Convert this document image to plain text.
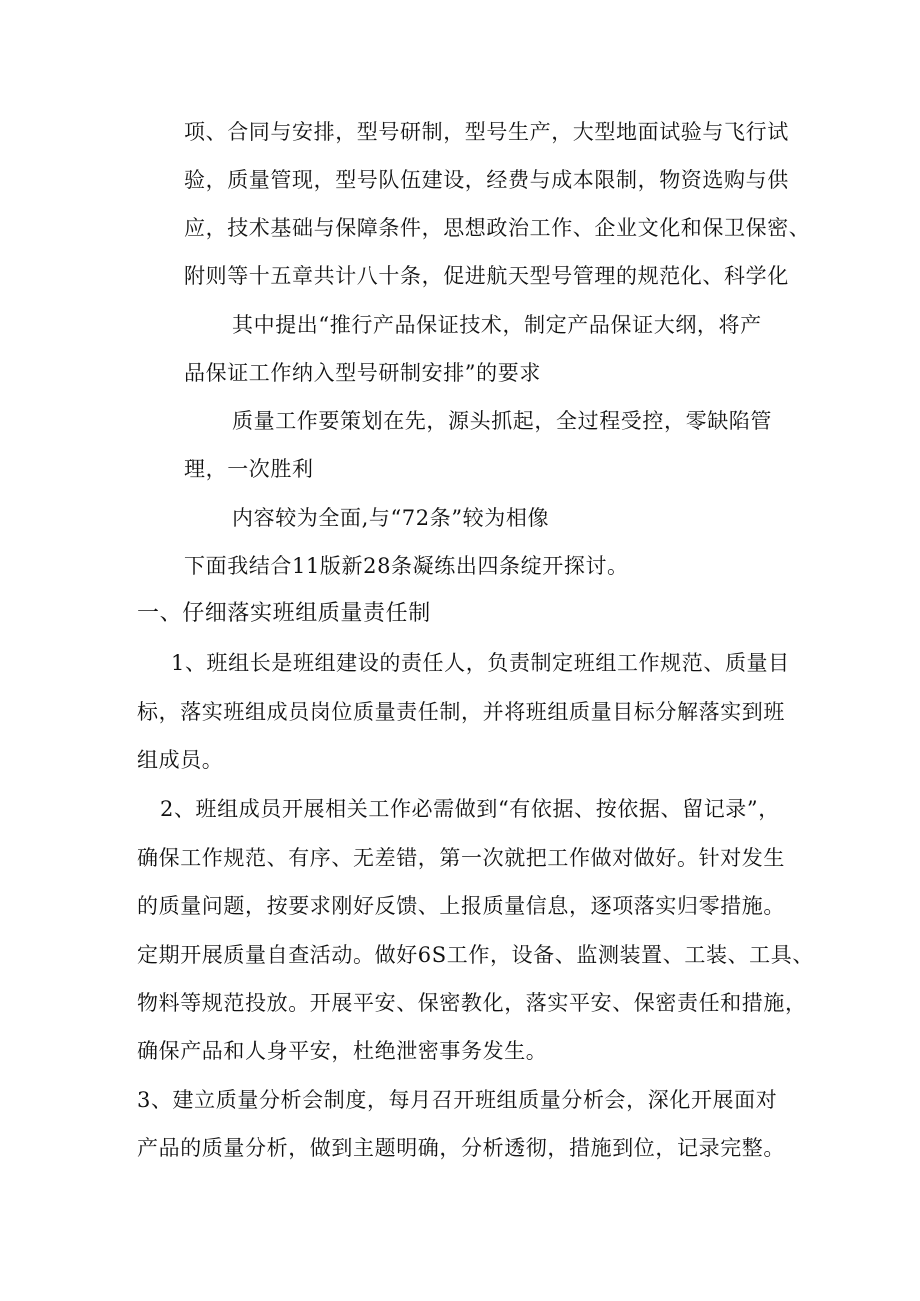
项、合同与安排，型号研制，型号生产，大型地面试验与飞行试
验，质量管现，型号队伍建设，经费与成本限制，物资选购与供
应，技术基础与保障条件，思想政治工作、企业文化和保卫保密、
附则等十五章共计八十条，促进航天型号管理的规范化、科学化
其中提出“推行产品保证技术，制定产品保证大纲，将产
品保证工作纳入型号研制安排”的要求
质量工作要策划在先，源头抓起，全过程受控，零缺陷管
理，一次胜利
内容较为全面,与“72条”较为相像
下面我结合11版新28条凝练出四条绽开探讨。
一、仔细落实班组质量责任制
1、班组长是班组建设的责任人，负责制定班组工作规范、质量目
标，落实班组成员岗位质量责任制，并将班组质量目标分解落实到班
组成员。
2、班组成员开展相关工作必需做到“有依据、按依据、留记录”，
确保工作规范、有序、无差错，第一次就把工作做对做好。针对发生
的质量问题，按要求刚好反馈、上报质量信息，逐项落实归零措施。
定期开展质量自查活动。做好6S工作，设备、监测装置、工装、工具、
物料等规范投放。开展平安、保密教化，落实平安、保密责任和措施，
确保产品和人身平安，杜绝泄密事务发生。
3、建立质量分析会制度，每月召开班组质量分析会，深化开展面对
产品的质量分析，做到主题明确，分析透彻，措施到位，记录完整。
